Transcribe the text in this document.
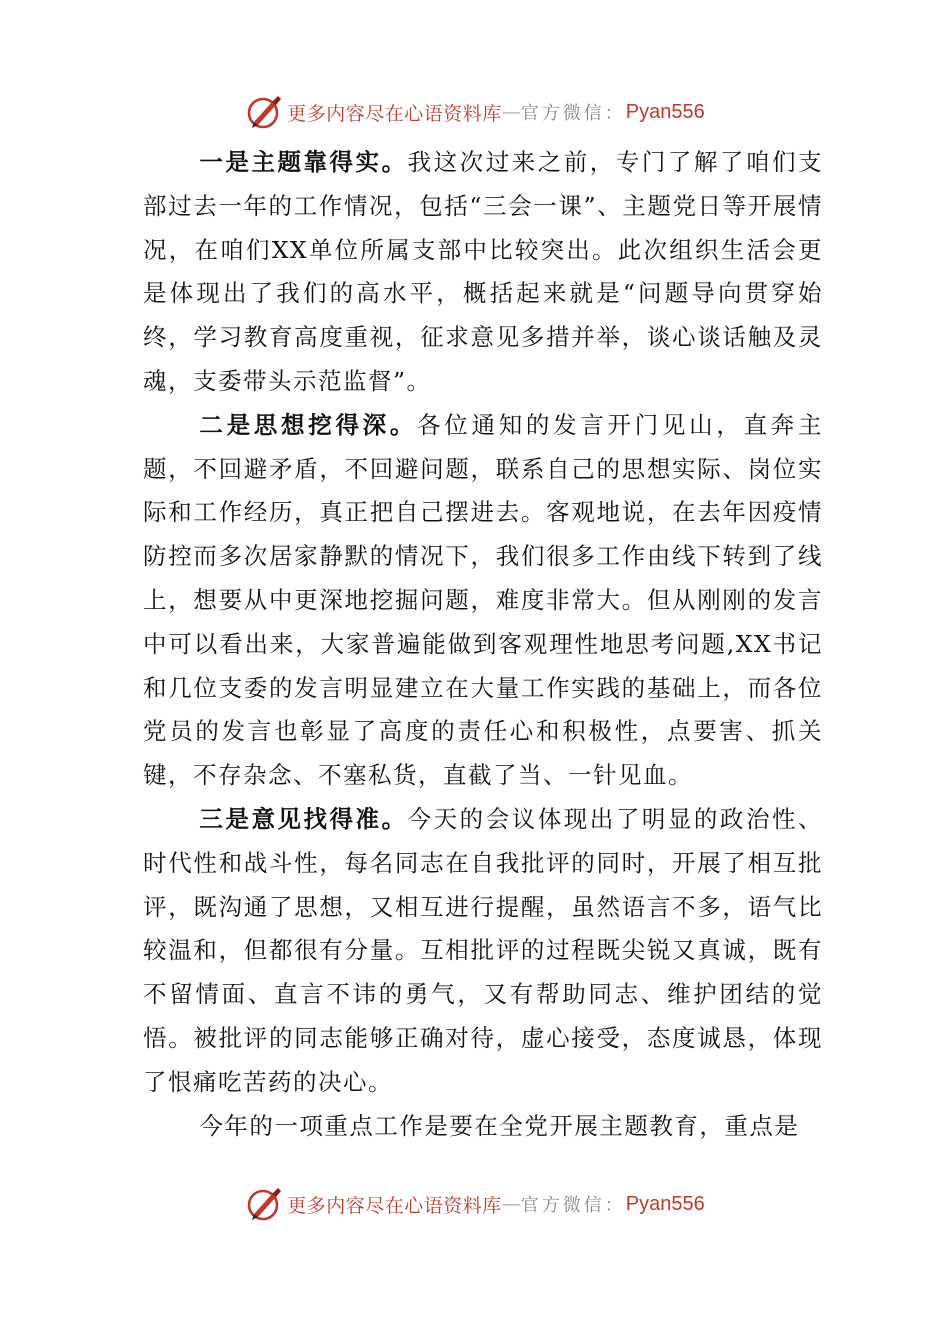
更多内容尽在心语资料库 — 官方微信： Pyan556

一是主题靠得实。我这次过来之前，专门了解了咱们支部过去一年的工作情况，包括“三会一课”、主题党日等开展情况，在咱们XX单位所属支部中比较突出。此次组织生活会更是体现出了我们的高水平，概括起来就是“问题导向贯穿始终，学习教育高度重视，征求意见多措并举，谈心谈话触及灵魂，支委带头示范监督”。

二是思想挖得深。各位通知的发言开门见山，直奔主题，不回避矛盾，不回避问题，联系自己的思想实际、岗位实际和工作经历，真正把自己摆进去。客观地说，在去年因疫情防控而多次居家静默的情况下，我们很多工作由线下转到了线上，想要从中更深地挖掘问题，难度非常大。但从刚刚的发言中可以看出来，大家普遍能做到客观理性地思考问题,XX书记和几位支委的发言明显建立在大量工作实践的基础上，而各位党员的发言也彰显了高度的责任心和积极性，点要害、抓关键，不存杂念、不塞私货，直截了当、一针见血。

三是意见找得准。今天的会议体现出了明显的政治性、时代性和战斗性，每名同志在自我批评的同时，开展了相互批评，既沟通了思想，又相互进行提醒，虽然语言不多，语气比较温和，但都很有分量。互相批评的过程既尖锐又真诚，既有不留情面、直言不讳的勇气，又有帮助同志、维护团结的觉悟。被批评的同志能够正确对待，虚心接受，态度诚恳，体现了恨痛吃苦药的决心。

今年的一项重点工作是要在全党开展主题教育，重点是

更多内容尽在心语资料库 — 官方微信： Pyan556
